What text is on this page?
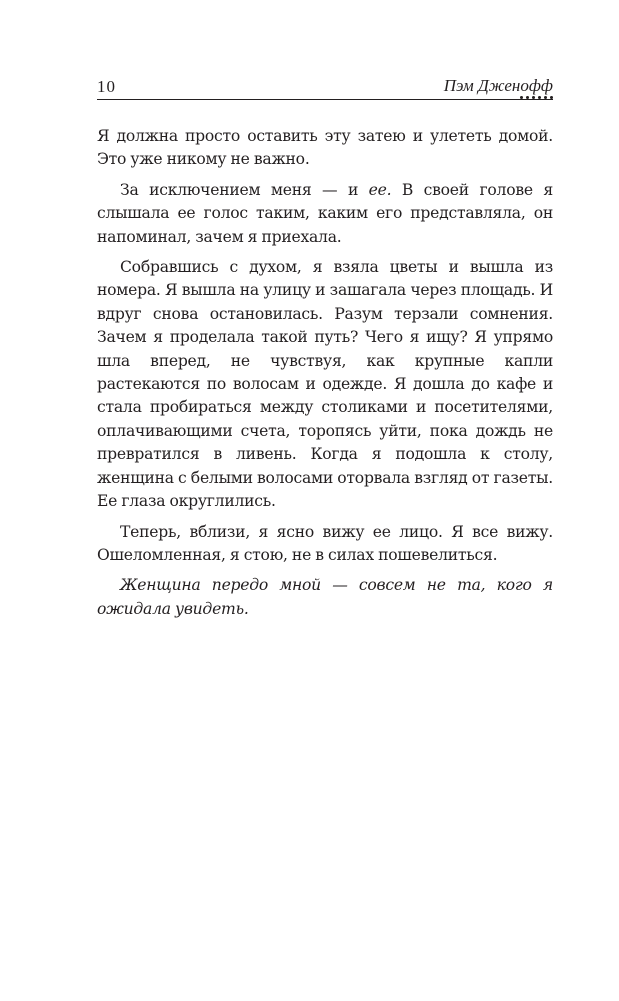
10	Пэм Дженофф

Я должна просто оставить эту затею и улететь домой. Это уже никому не важно.

За исключением меня — и ее. В своей голове я слышала ее голос таким, каким его представляла, он напоминал, зачем я приехала.

Собравшись с духом, я взяла цветы и вышла из номера. Я вышла на улицу и зашагала через площадь. И вдруг снова остановилась. Разум терзали сомнения. Зачем я проделала такой путь? Чего я ищу? Я упрямо шла вперед, не чувствуя, как крупные капли растекаются по волосам и одежде. Я дошла до кафе и стала пробираться между столиками и посетителями, оплачивающими счета, торопясь уйти, пока дождь не превратился в ливень. Когда я подошла к столу, женщина с белыми волосами оторвала взгляд от газеты. Ее глаза округлились.

Теперь, вблизи, я ясно вижу ее лицо. Я все вижу. Ошеломленная, я стою, не в силах пошевелиться.

Женщина передо мной — совсем не та, кого я ожидала увидеть.
